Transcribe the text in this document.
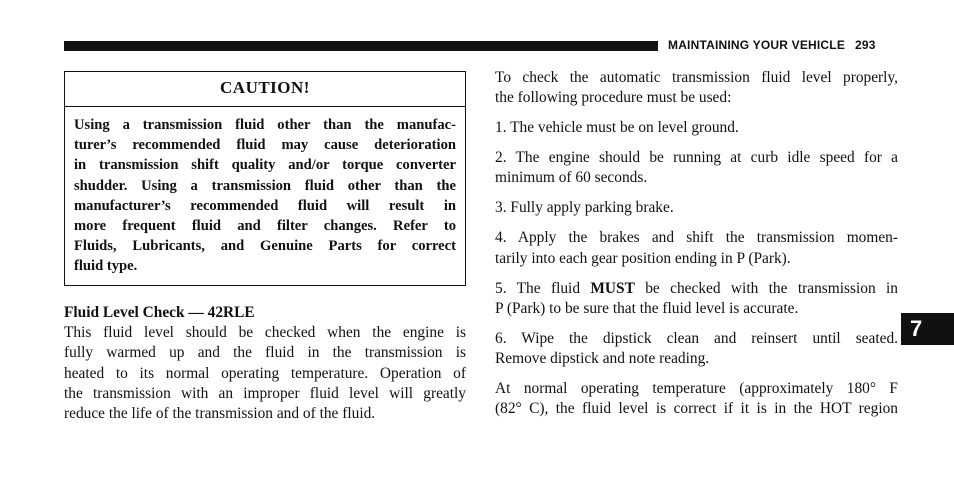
MAINTAINING YOUR VEHICLE 293
7
CAUTION!
Using a transmission fluid other than the manufac-
turer’s recommended fluid may cause deterioration
in transmission shift quality and/or torque converter
shudder. Using a transmission fluid other than the
manufacturer’s recommended fluid will result in
more frequent fluid and filter changes. Refer to
Fluids, Lubricants, and Genuine Parts for correct
fluid type.
Fluid Level Check — 42RLE
This fluid level should be checked when the engine is
fully warmed up and the fluid in the transmission is
heated to its normal operating temperature. Operation of
the transmission with an improper fluid level will greatly
reduce the life of the transmission and of the fluid.
To check the automatic transmission fluid level properly,
the following procedure must be used:
1. The vehicle must be on level ground.
2. The engine should be running at curb idle speed for a
minimum of 60 seconds.
3. Fully apply parking brake.
4. Apply the brakes and shift the transmission momen-
tarily into each gear position ending in P (Park).
5. The fluid MUST be checked with the transmission in
P (Park) to be sure that the fluid level is accurate.
6. Wipe the dipstick clean and reinsert until seated.
Remove dipstick and note reading.
At normal operating temperature (approximately 180° F
(82° C), the fluid level is correct if it is in the HOT region
